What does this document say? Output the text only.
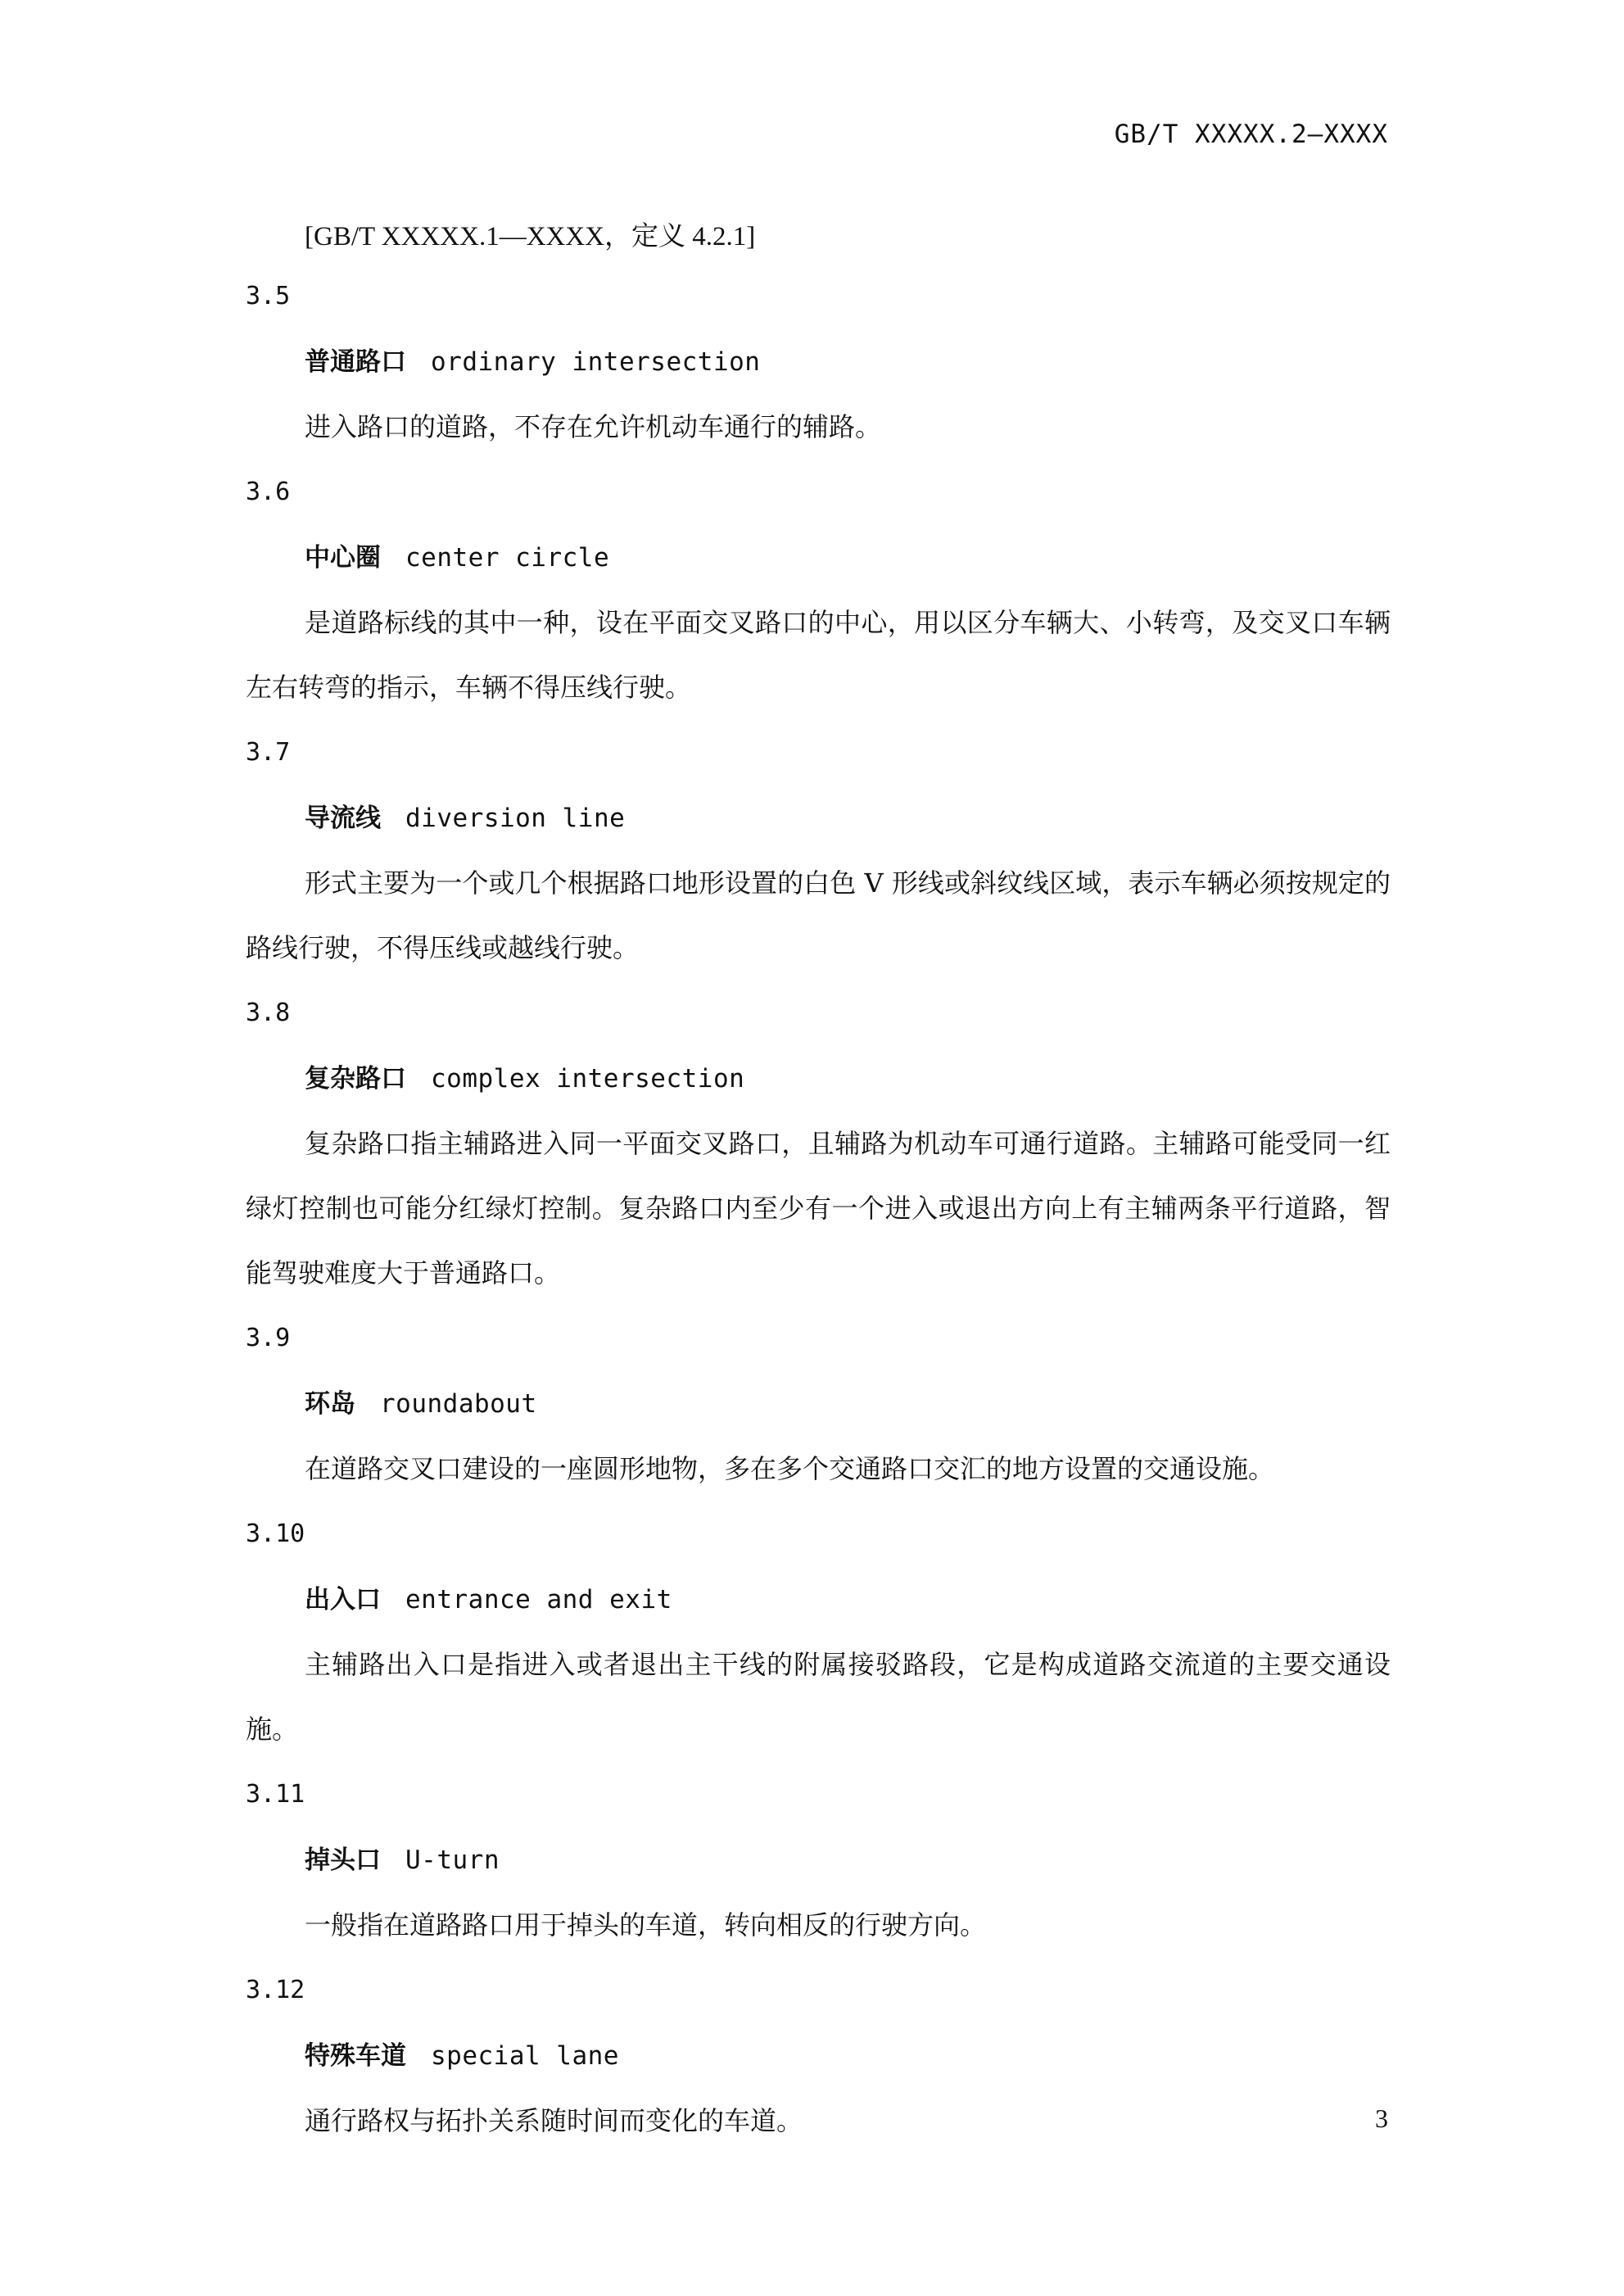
GB/T XXXXX.2—XXXX
[GB/T XXXXX.1—XXXX，定义 4.2.1]

3.5

普通路口 ordinary intersection

进入路口的道路，不存在允许机动车通行的辅路。

3.6

中心圈 center circle

是道路标线的其中一种，设在平面交叉路口的中心，用以区分车辆大、小转弯，及交叉口车辆左右转弯的指示，车辆不得压线行驶。

3.7

导流线 diversion line

形式主要为一个或几个根据路口地形设置的白色 V 形线或斜纹线区域，表示车辆必须按规定的路线行驶，不得压线或越线行驶。

3.8

复杂路口 complex intersection

复杂路口指主辅路进入同一平面交叉路口，且辅路为机动车可通行道路。主辅路可能受同一红绿灯控制也可能分红绿灯控制。复杂路口内至少有一个进入或退出方向上有主辅两条平行道路，智能驾驶难度大于普通路口。

3.9

环岛 roundabout

在道路交叉口建设的一座圆形地物，多在多个交通路口交汇的地方设置的交通设施。

3.10

出入口 entrance and exit

主辅路出入口是指进入或者退出主干线的附属接驳路段，它是构成道路交流道的主要交通设施。

3.11

掉头口 U-turn

一般指在道路路口用于掉头的车道，转向相反的行驶方向。

3.12

特殊车道 special lane

通行路权与拓扑关系随时间而变化的车道。	3
